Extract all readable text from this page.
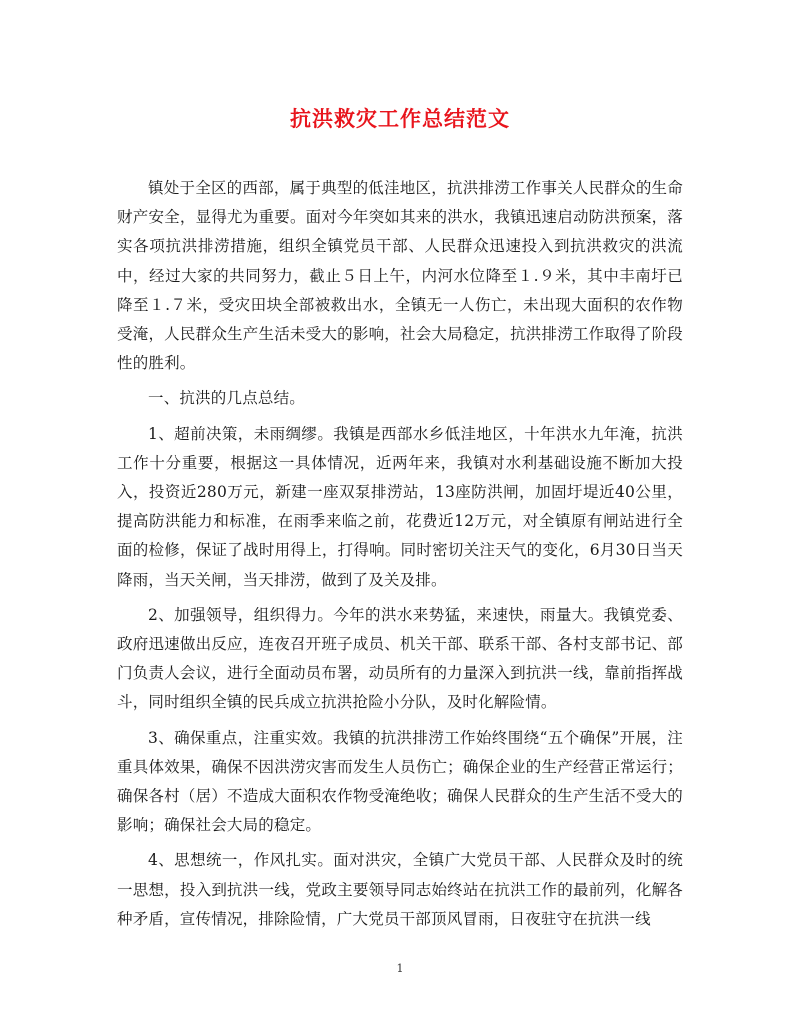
抗洪救灾工作总结范文

镇处于全区的西部，属于典型的低洼地区，抗洪排涝工作事关人民群众的生命财产安全，显得尤为重要。面对今年突如其来的洪水，我镇迅速启动防洪预案，落实各项抗洪排涝措施，组织全镇党员干部、人民群众迅速投入到抗洪救灾的洪流中，经过大家的共同努力，截止５日上午，内河水位降至１.９米，其中丰南圩已降至１.７米，受灾田块全部被救出水，全镇无一人伤亡，未出现大面积的农作物受淹，人民群众生产生活未受大的影响，社会大局稳定，抗洪排涝工作取得了阶段性的胜利。

一、抗洪的几点总结。

1、超前决策，未雨绸缪。我镇是西部水乡低洼地区，十年洪水九年淹，抗洪工作十分重要，根据这一具体情况，近两年来，我镇对水利基础设施不断加大投入，投资近280万元，新建一座双泵排涝站，13座防洪闸，加固圩堤近40公里，提高防洪能力和标准，在雨季来临之前，花费近12万元，对全镇原有闸站进行全面的检修，保证了战时用得上，打得响。同时密切关注天气的变化，6月30日当天降雨，当天关闸，当天排涝，做到了及关及排。

2、加强领导，组织得力。今年的洪水来势猛，来速快，雨量大。我镇党委、政府迅速做出反应，连夜召开班子成员、机关干部、联系干部、各村支部书记、部门负责人会议，进行全面动员布署，动员所有的力量深入到抗洪一线，靠前指挥战斗，同时组织全镇的民兵成立抗洪抢险小分队，及时化解险情。

3、确保重点，注重实效。我镇的抗洪排涝工作始终围绕“五个确保”开展，注重具体效果，确保不因洪涝灾害而发生人员伤亡；确保企业的生产经营正常运行；确保各村（居）不造成大面积农作物受淹绝收；确保人民群众的生产生活不受大的影响；确保社会大局的稳定。

4、思想统一，作风扎实。面对洪灾，全镇广大党员干部、人民群众及时的统一思想，投入到抗洪一线，党政主要领导同志始终站在抗洪工作的最前列，化解各种矛盾，宣传情况，排除险情，广大党员干部顶风冒雨，日夜驻守在抗洪一线

1
